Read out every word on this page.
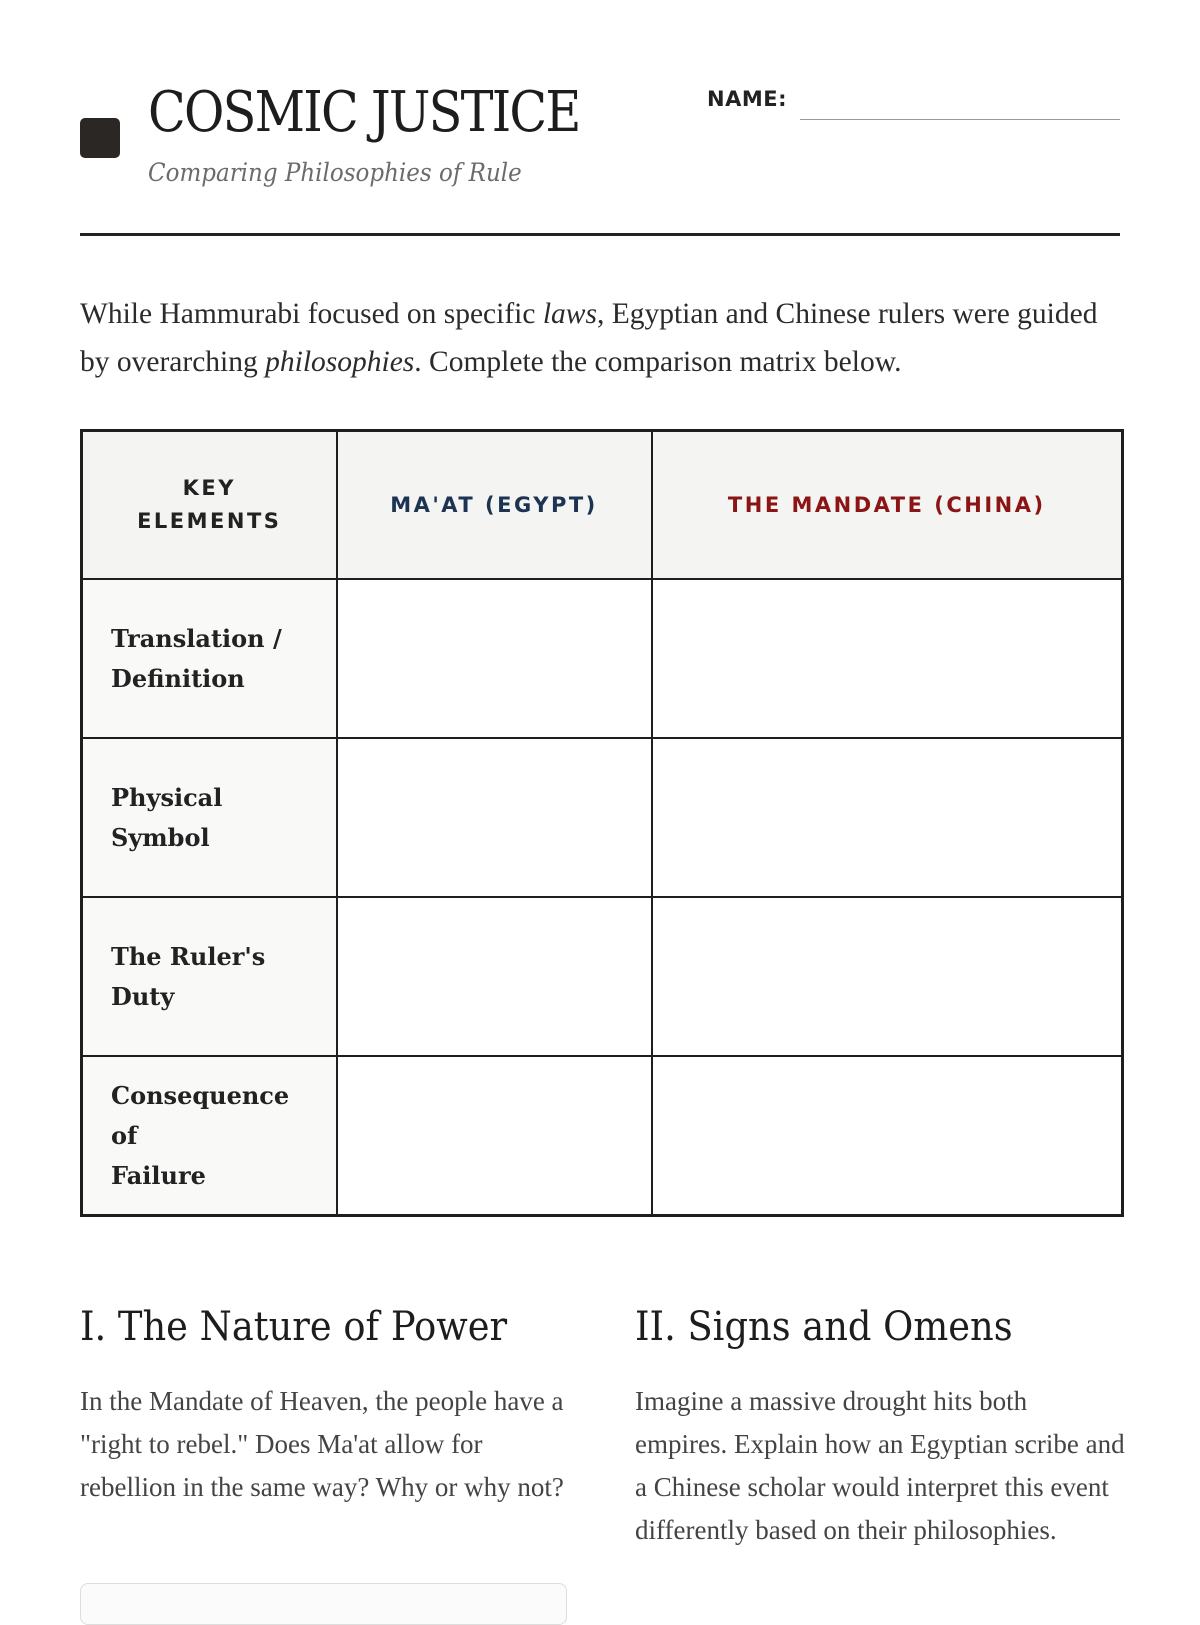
COSMIC JUSTICE
Comparing Philosophies of Rule
NAME:

While Hammurabi focused on specific laws, Egyptian and Chinese rulers were guided by overarching philosophies. Complete the comparison matrix below.

KEY
ELEMENTS	MA'AT (EGYPT)	THE MANDATE (CHINA)

Translation /
Definition		

Physical
Symbol		

The Ruler's
Duty		

Consequence of
Failure		

I. The Nature of Power

In the Mandate of Heaven, the people have a "right to rebel." Does Ma'at allow for rebellion in the same way? Why or why not?

II. Signs and Omens

Imagine a massive drought hits both empires. Explain how an Egyptian scribe and a Chinese scholar would interpret this event differently based on their philosophies.
